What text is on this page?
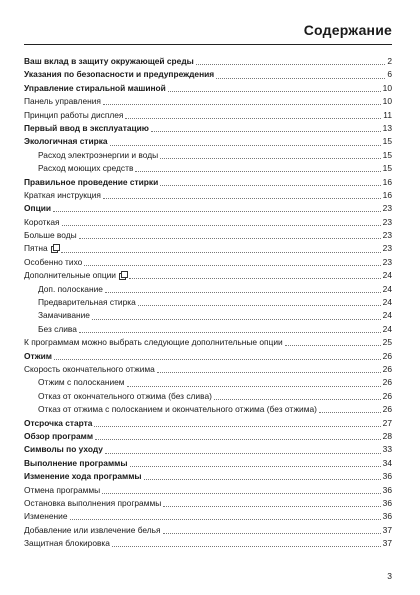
Содержание
Ваш вклад в защиту окружающей среды	2
Указания по безопасности и предупреждения	6
Управление стиральной машиной	10
Панель управления	10
Принцип работы дисплея	11
Первый ввод в эксплуатацию	13
Экологичная стирка	15
Расход электроэнергии и воды	15
Расход моющих средств	15
Правильное проведение стирки	16
Краткая инструкция	16
Опции	23
Короткая	23
Больше воды	23
Пятна	23
Особенно тихо	23
Дополнительные опции	24
Доп. полоскание	24
Предварительная стирка	24
Замачивание	24
Без слива	24
К программам можно выбрать следующие дополнительные опции	25
Отжим	26
Скорость окончательного отжима	26
Отжим с полосканием	26
Отказ от окончательного отжима (без слива)	26
Отказ от отжима с полосканием и окончательного отжима (без отжима)	26
Отсрочка старта	27
Обзор программ	28
Символы по уходу	33
Выполнение программы	34
Изменение хода программы	36
Отмена программы	36
Остановка выполнения программы	36
Изменение	36
Добавление или извлечение белья	37
Защитная блокировка	37
3
